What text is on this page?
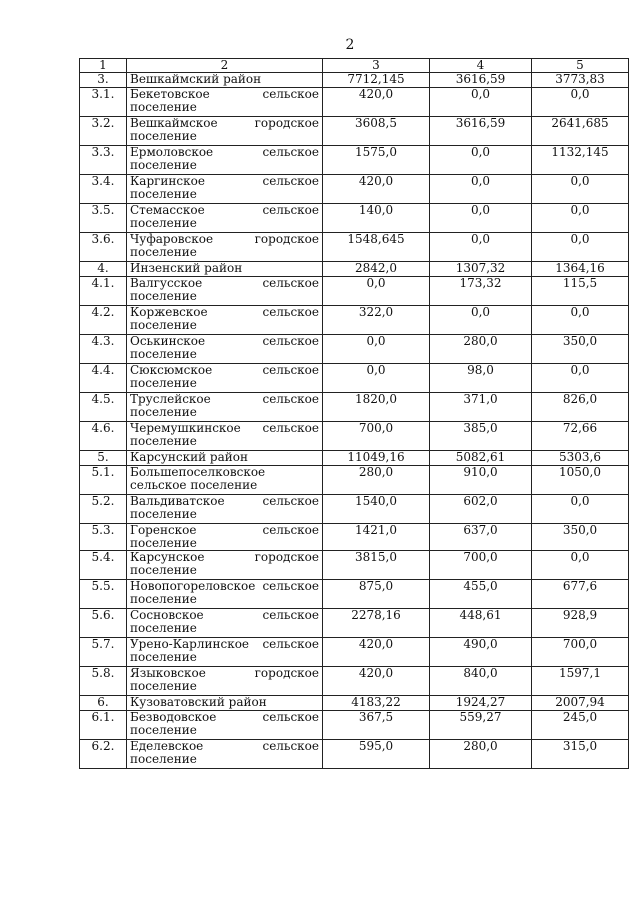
2
1	2	3	4	5
3.	Вешкаймский район	7712,145	3616,59	3773,83
3.1.	Бекетовское сельское поселение	420,0	0,0	0,0
3.2.	Вешкаймское городское поселение	3608,5	3616,59	2641,685
3.3.	Ермоловское сельское поселение	1575,0	0,0	1132,145
3.4.	Каргинское сельское поселение	420,0	0,0	0,0
3.5.	Стемасское сельское поселение	140,0	0,0	0,0
3.6.	Чуфаровское городское поселение	1548,645	0,0	0,0
4.	Инзенский район	2842,0	1307,32	1364,16
4.1.	Валгусское сельское поселение	0,0	173,32	115,5
4.2.	Коржевское сельское поселение	322,0	0,0	0,0
4.3.	Оськинское сельское поселение	0,0	280,0	350,0
4.4.	Сюксюмское сельское поселение	0,0	98,0	0,0
4.5.	Труслейское сельское поселение	1820,0	371,0	826,0
4.6.	Черемушкинское сельское поселение	700,0	385,0	72,66
5.	Карсунский район	11049,16	5082,61	5303,6
5.1.	Большепоселковское сельское поселение	280,0	910,0	1050,0
5.2.	Вальдиватское сельское поселение	1540,0	602,0	0,0
5.3.	Горенское сельское поселение	1421,0	637,0	350,0
5.4.	Карсунское городское поселение	3815,0	700,0	0,0
5.5.	Новопогореловское сельское поселение	875,0	455,0	677,6
5.6.	Сосновское сельское поселение	2278,16	448,61	928,9
5.7.	Урено-Карлинское сельское поселение	420,0	490,0	700,0
5.8.	Языковское городское поселение	420,0	840,0	1597,1
6.	Кузоватовский район	4183,22	1924,27	2007,94
6.1.	Безводовское сельское поселение	367,5	559,27	245,0
6.2.	Еделевское сельское поселение	595,0	280,0	315,0
